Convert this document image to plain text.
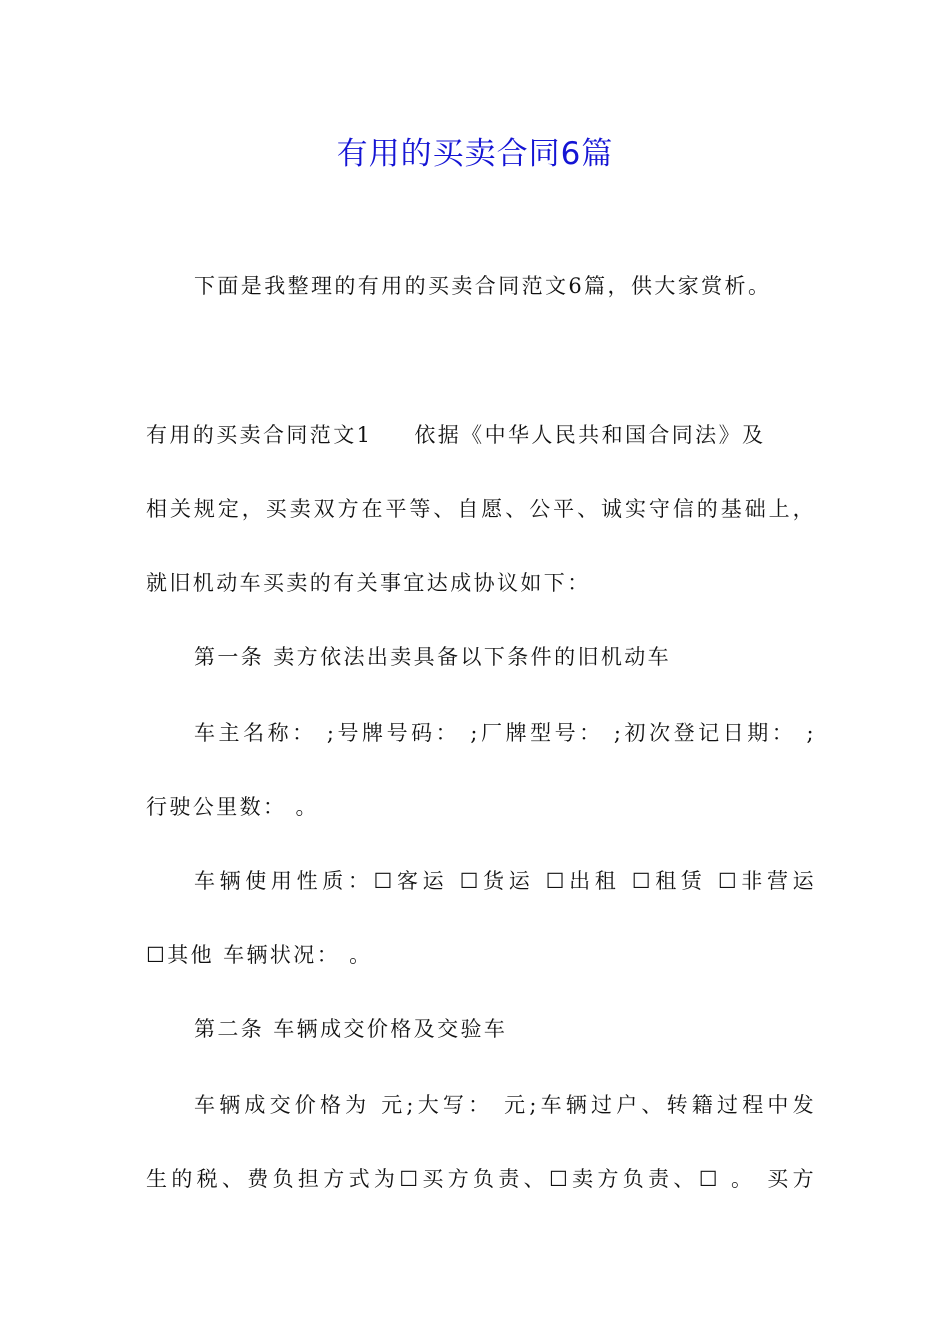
有用的买卖合同6篇

下面是我整理的有用的买卖合同范文6篇，供大家赏析。

有用的买卖合同范文1 依据《中华人民共和国合同法》及

相关规定，买卖双方在平等、自愿、公平、诚实守信的基础上，

就旧机动车买卖的有关事宜达成协议如下：

第一条 卖方依法出卖具备以下条件的旧机动车

车主名称： ;号牌号码： ;厂牌型号： ;初次登记日期： ;

行驶公里数： 。

车辆使用性质：☐客运 ☐货运 ☐出租 ☐租赁 ☐非营运

☐其他 车辆状况： 。

第二条 车辆成交价格及交验车

车辆成交价格为 元;大写： 元;车辆过户、转籍过程中发

生的税、费负担方式为☐买方负责、☐卖方负责、☐ 。 买方
